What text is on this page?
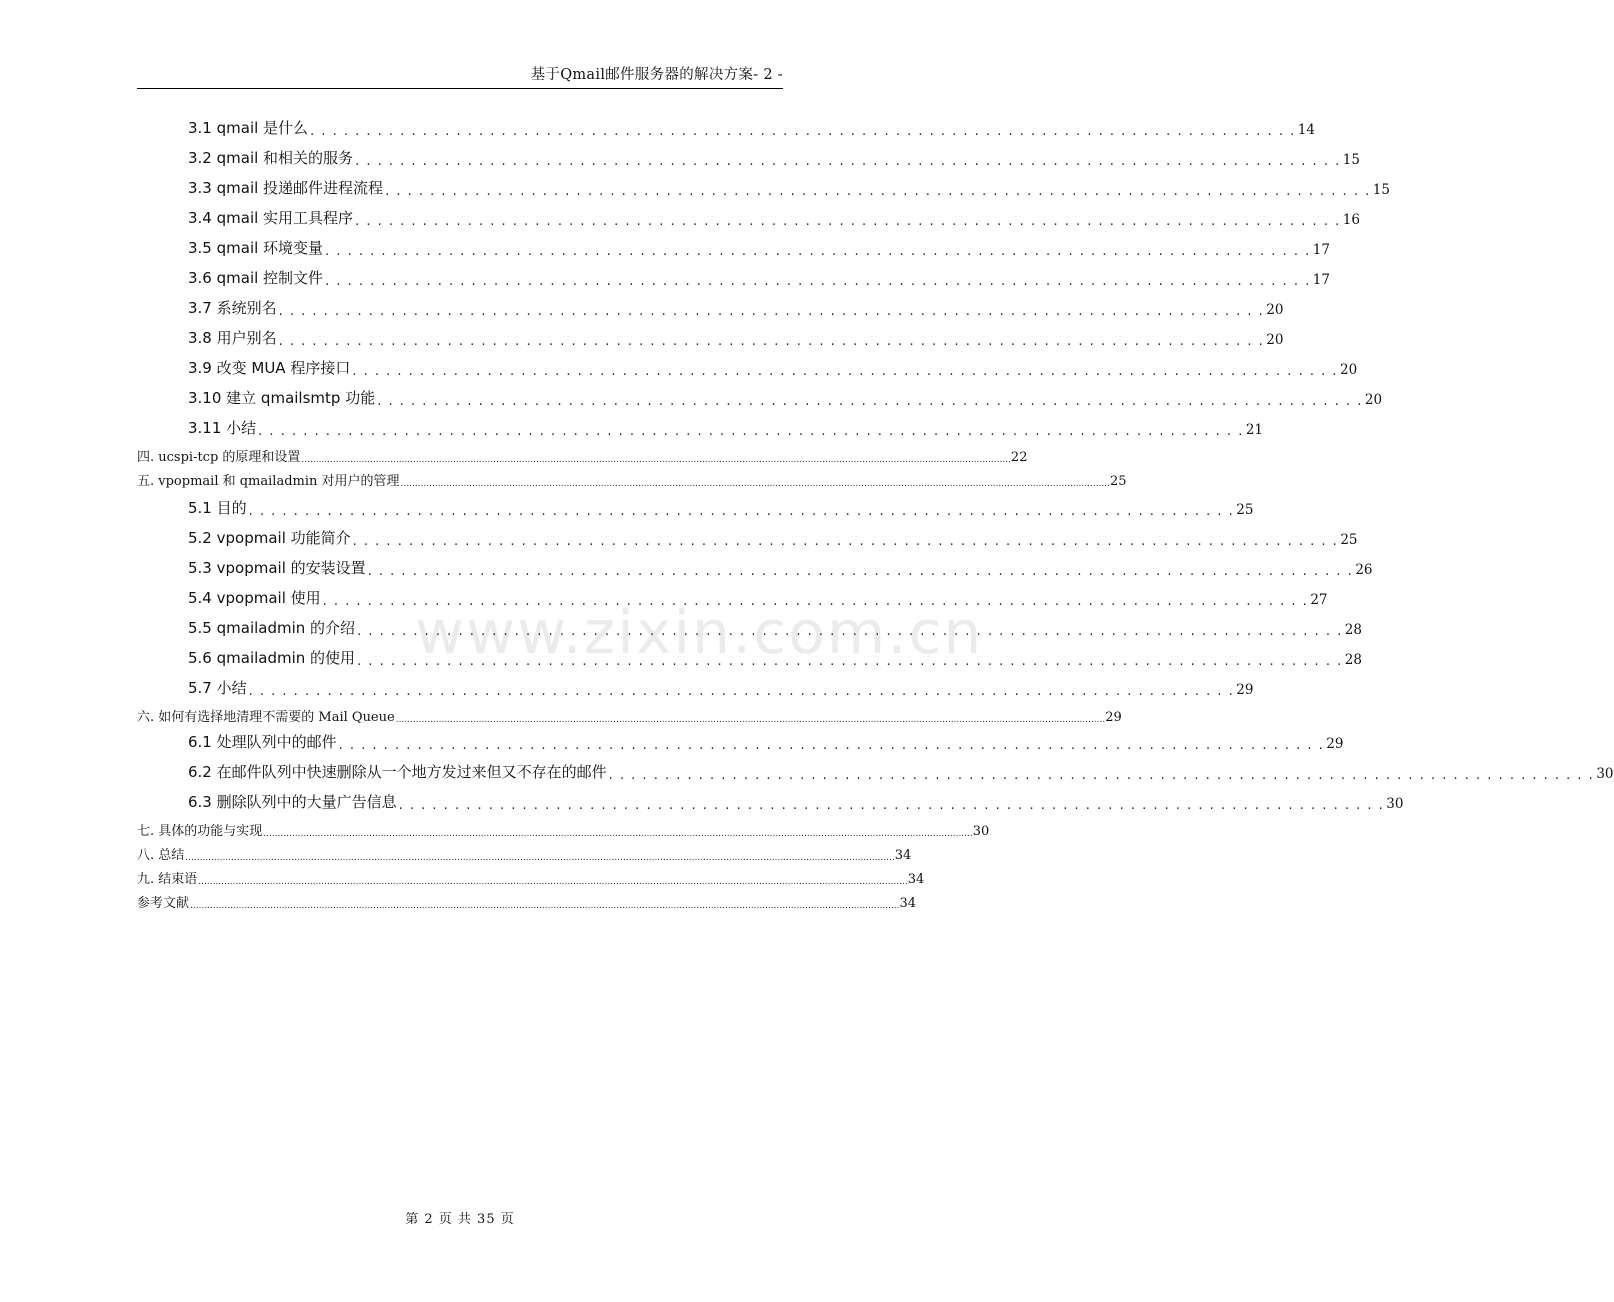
基于Qmail邮件服务器的解决方案- 2 -
3.1 qmail 是什么 . . .	14
3.2 qmail 和相关的服务 . . .	15
3.3 qmail 投递邮件进程流程 . . .	15
3.4 qmail 实用工具程序 . . .	16
3.5 qmail 环境变量 . . .	17
3.6 qmail 控制文件 . . .	17
3.7 系统别名 . . .	20
3.8 用户别名 . . .	20
3.9 改变 MUA 程序接口 . . .	20
3.10 建立 qmailsmtp 功能 . . .	20
3.11 小结 . . .	21
四. ucspi-tcp 的原理和设置 .....	22
五. vpopmail 和 qmailadmin 对用户的管理 .....	25
5.1 目的 . . .	25
5.2 vpopmail 功能简介 . . .	25
5.3 vpopmail 的安装设置 . . .	26
5.4 vpopmail 使用 . . .	27
5.5 qmailadmin 的介绍 . . .	28
5.6 qmailadmin 的使用 . . .	28
5.7 小结 . . .	29
六. 如何有选择地清理不需要的 Mail Queue .....	29
6.1 处理队列中的邮件 . . .	29
6.2 在邮件队列中快速删除从一个地方发过来但又不存在的邮件 . . .	30
6.3 删除队列中的大量广告信息 . . .	30
七. 具体的功能与实现 .....	30
八. 总结 .....	34
九. 结束语 .....	34
参考文献 .....	34
www.zixin.com.cn
第 2 页 共 35 页
